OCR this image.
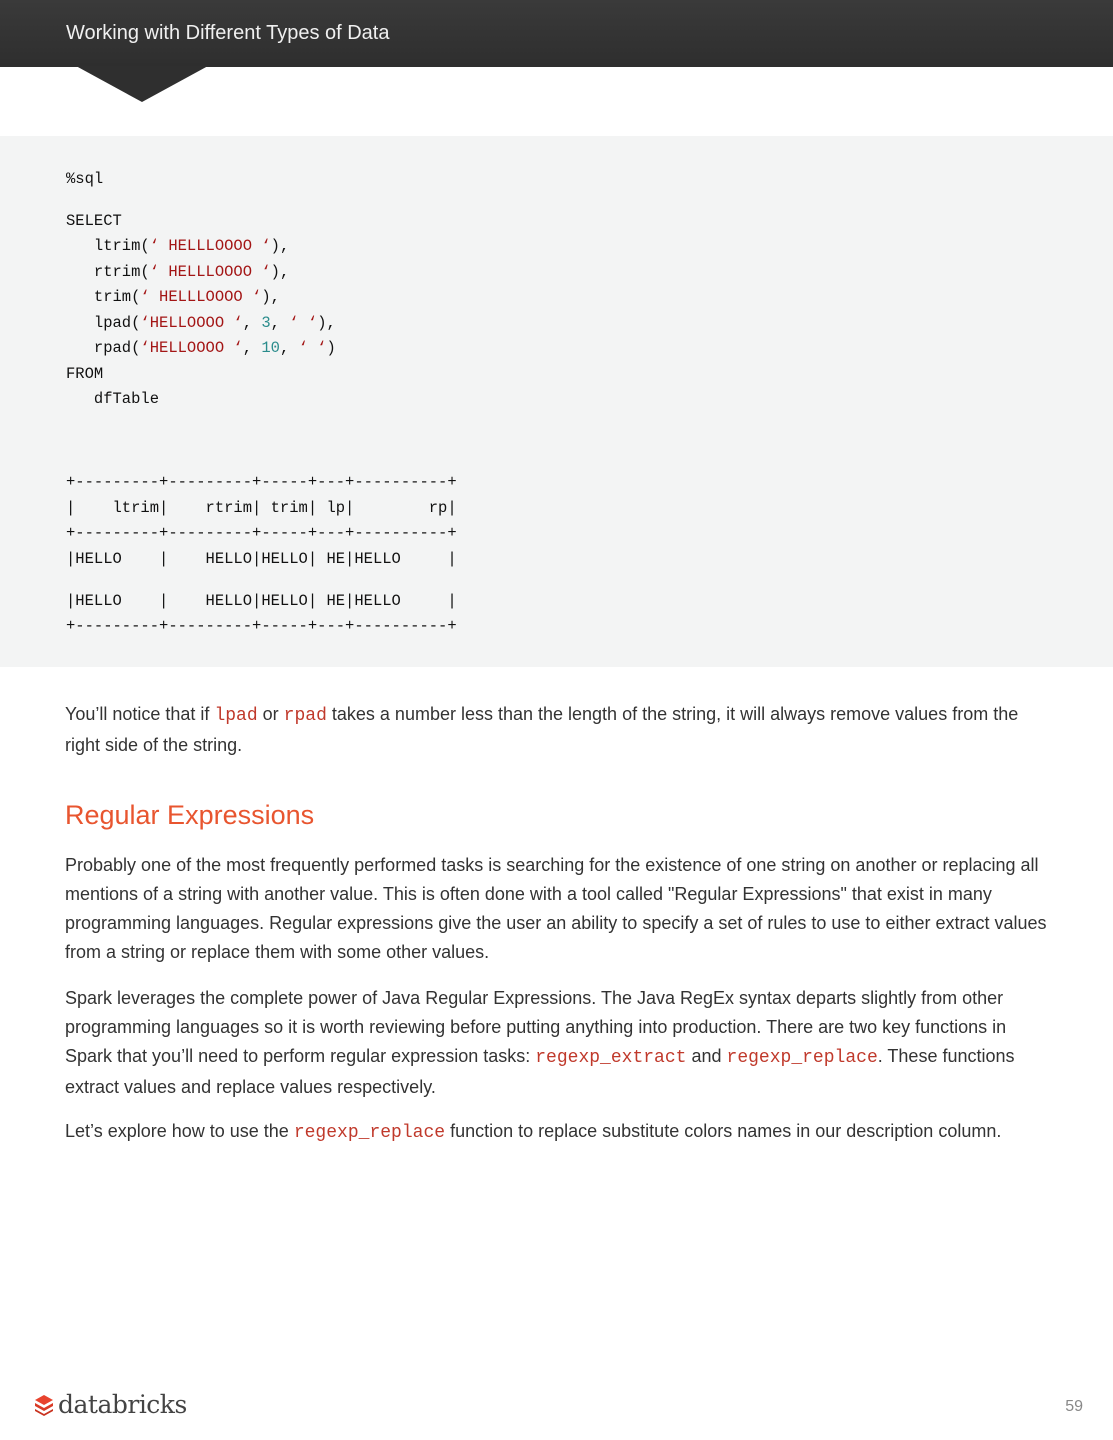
Working with Different Types of Data
%sql
SELECT
ltrim(‘ HELLLOOOO ‘),
rtrim(‘ HELLLOOOO ‘),
trim(‘ HELLLOOOO ‘),
lpad(‘HELLOOOO ‘, 3, ‘ ‘),
rpad(‘HELLOOOO ‘, 10, ‘ ‘)
FROM
dfTable
+---------+---------+-----+---+----------+
|    ltrim|    rtrim| trim| lp|        rp|
+---------+---------+-----+---+----------+
|HELLO    |    HELLO|HELLO| HE|HELLO     |
|HELLO    |    HELLO|HELLO| HE|HELLO     |
+---------+---------+-----+---+----------+

You’ll notice that if lpad or rpad takes a number less than the length of the string, it will always remove values from the right side of the string.

Regular Expressions

Probably one of the most frequently performed tasks is searching for the existence of one string on another or replacing all mentions of a string with another value. This is often done with a tool called "Regular Expressions" that exist in many programming languages. Regular expressions give the user an ability to specify a set of rules to use to either extract values from a string or replace them with some other values.

Spark leverages the complete power of Java Regular Expressions. The Java RegEx syntax departs slightly from other programming languages so it is worth reviewing before putting anything into production. There are two key functions in Spark that you’ll need to perform regular expression tasks: regexp_extract and regexp_replace. These functions extract values and replace values respectively.

Let’s explore how to use the regexp_replace function to replace substitute colors names in our description column.

databricks	59
